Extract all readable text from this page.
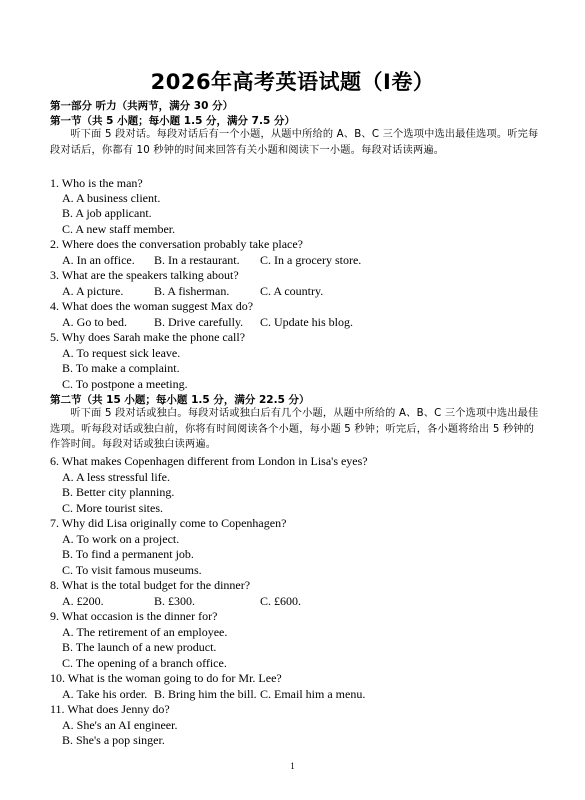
2026年高考英语试题（I卷）
第一部分 听力（共两节，满分 30 分）
第一节（共 5 小题；每小题 1.5 分，满分 7.5 分）
听下面 5 段对话。每段对话后有一个小题，从题中所给的 A、B、C 三个选项中选出最佳选项。听完每段对话后，你都有 10 秒钟的时间来回答有关小题和阅读下一小题。每段对话读两遍。
1. Who is the man?
A. A business client.
B. A job applicant.
C. A new staff member.
2. Where does the conversation probably take place?
A. In an office. B. In a restaurant. C. In a grocery store.
3. What are the speakers talking about?
A. A picture.	B. A fisherman.	C. A country.
4. What does the woman suggest Max do?
A. Go to bed. B. Drive carefully. C. Update his blog.
5. Why does Sarah make the phone call?
A. To request sick leave.
B. To make a complaint.
C. To postpone a meeting.
第二节（共 15 小题；每小题 1.5 分，满分 22.5 分）
听下面 5 段对话或独白。每段对话或独白后有几个小题，从题中所给的 A、B、C 三个选项中选出最佳选项。听每段对话或独白前，你将有时间阅读各个小题，每小题 5 秒钟；听完后，各小题将给出 5 秒钟的作答时间。每段对话或独白读两遍。
6. What makes Copenhagen different from London in Lisa's eyes?
A. A less stressful life.
B. Better city planning.
C. More tourist sites.
7. Why did Lisa originally come to Copenhagen?
A. To work on a project.
B. To find a permanent job.
C. To visit famous museums.
8. What is the total budget for the dinner?
A. £200.	B. £300.	C. £600.
9. What occasion is the dinner for?
A. The retirement of an employee.
B. The launch of a new product.
C. The opening of a branch office.
10. What is the woman going to do for Mr. Lee?
A. Take his order. B. Bring him the bill. C. Email him a menu.
11. What does Jenny do?
A. She's an AI engineer.
B. She's a pop singer.
1
